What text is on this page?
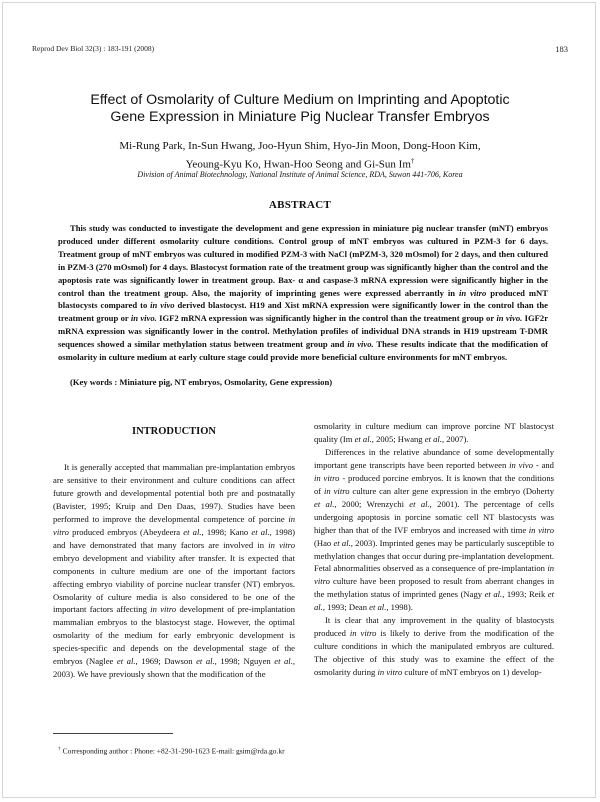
Reprod Dev Biol 32(3) : 183-191 (2008)	183
Effect of Osmolarity of Culture Medium on Imprinting and Apoptotic
Gene Expression in Miniature Pig Nuclear Transfer Embryos
Mi-Rung Park, In-Sun Hwang, Joo-Hyun Shim, Hyo-Jin Moon, Dong-Hoon Kim,
Yeoung-Kyu Ko, Hwan-Hoo Seong and Gi-Sun Im†
Division of Animal Biotechnology, National Institute of Animal Science, RDA, Suwon 441-706, Korea
ABSTRACT
This study was conducted to investigate the development and gene expression in miniature pig nuclear transfer (mNT) embryos produced under different osmolarity culture conditions. Control group of mNT embryos was cultured in PZM-3 for 6 days. Treatment group of mNT embryos was cultured in modified PZM-3 with NaCl (mPZM-3, 320 mOsmol) for 2 days, and then cultured in PZM-3 (270 mOsmol) for 4 days. Blastocyst formation rate of the treatment group was significantly higher than the control and the apoptosis rate was significantly lower in treatment group. Bax- α and caspase-3 mRNA expression were significantly higher in the control than the treatment group. Also, the majority of imprinting genes were expressed aberrantly in in vitro produced mNT blastocysts compared to in vivo derived blastocyst. H19 and Xist mRNA expression were significantly lower in the control than the treatment group or in vivo. IGF2 mRNA expression was significantly higher in the control than the treatment group or in vivo. IGF2r mRNA expression was significantly lower in the control. Methylation profiles of individual DNA strands in H19 upstream T-DMR sequences showed a similar methylation status between treatment group and in vivo. These results indicate that the modification of osmolarity in culture medium at early culture stage could provide more beneficial culture environments for mNT embryos.
(Key words : Miniature pig, NT embryos, Osmolarity, Gene expression)
INTRODUCTION
It is generally accepted that mammalian pre-implantation embryos are sensitive to their environment and culture conditions can affect future growth and developmental potential both pre and postnatally (Bavister, 1995; Kruip and Den Daas, 1997). Studies have been performed to improve the developmental competence of porcine in vitro produced embryos (Abeydeera et al., 1998; Kano et al., 1998) and have demonstrated that many factors are involved in in vitro embryo development and viability after transfer. It is expected that components in culture medium are one of the important factors affecting embryo viability of porcine nuclear transfer (NT) embryos. Osmolarity of culture media is also considered to be one of the important factors affecting in vitro development of pre-implantation mammalian embryos to the blastocyst stage. However, the optimal osmolarity of the medium for early embryonic development is species-specific and depends on the developmental stage of the embryos (Naglee et al., 1969; Dawson et al., 1998; Nguyen et al., 2003). We have previously shown that the modification of the

osmolarity in culture medium can improve porcine NT blastocyst quality (Im et al., 2005; Hwang et al., 2007).

Differences in the relative abundance of some developmentally important gene transcripts have been reported between in vivo - and in vitro - produced porcine embryos. It is known that the conditions of in vitro culture can alter gene expression in the embryo (Doherty et al., 2000; Wrenzychi et al., 2001). The percentage of cells undergoing apoptosis in porcine somatic cell NT blastocysts was higher than that of the IVF embryos and increased with time in vitro (Hao et al., 2003). Imprinted genes may be particularly susceptible to methylation changes that occur during pre-implantation development. Fetal abnormalities observed as a consequence of pre-implantation in vitro culture have been proposed to result from aberrant changes in the methylation status of imprinted genes (Nagy et al., 1993; Reik et al., 1993; Dean et al., 1998).

It is clear that any improvement in the quality of blastocysts produced in vitro is likely to derive from the modification of the culture conditions in which the manipulated embryos are cultured. The objective of this study was to examine the effect of the osmolarity during in vitro culture of mNT embryos on 1) develop-

† Corresponding author : Phone: +82-31-290-1623 E-mail: gsim@rda.go.kr
